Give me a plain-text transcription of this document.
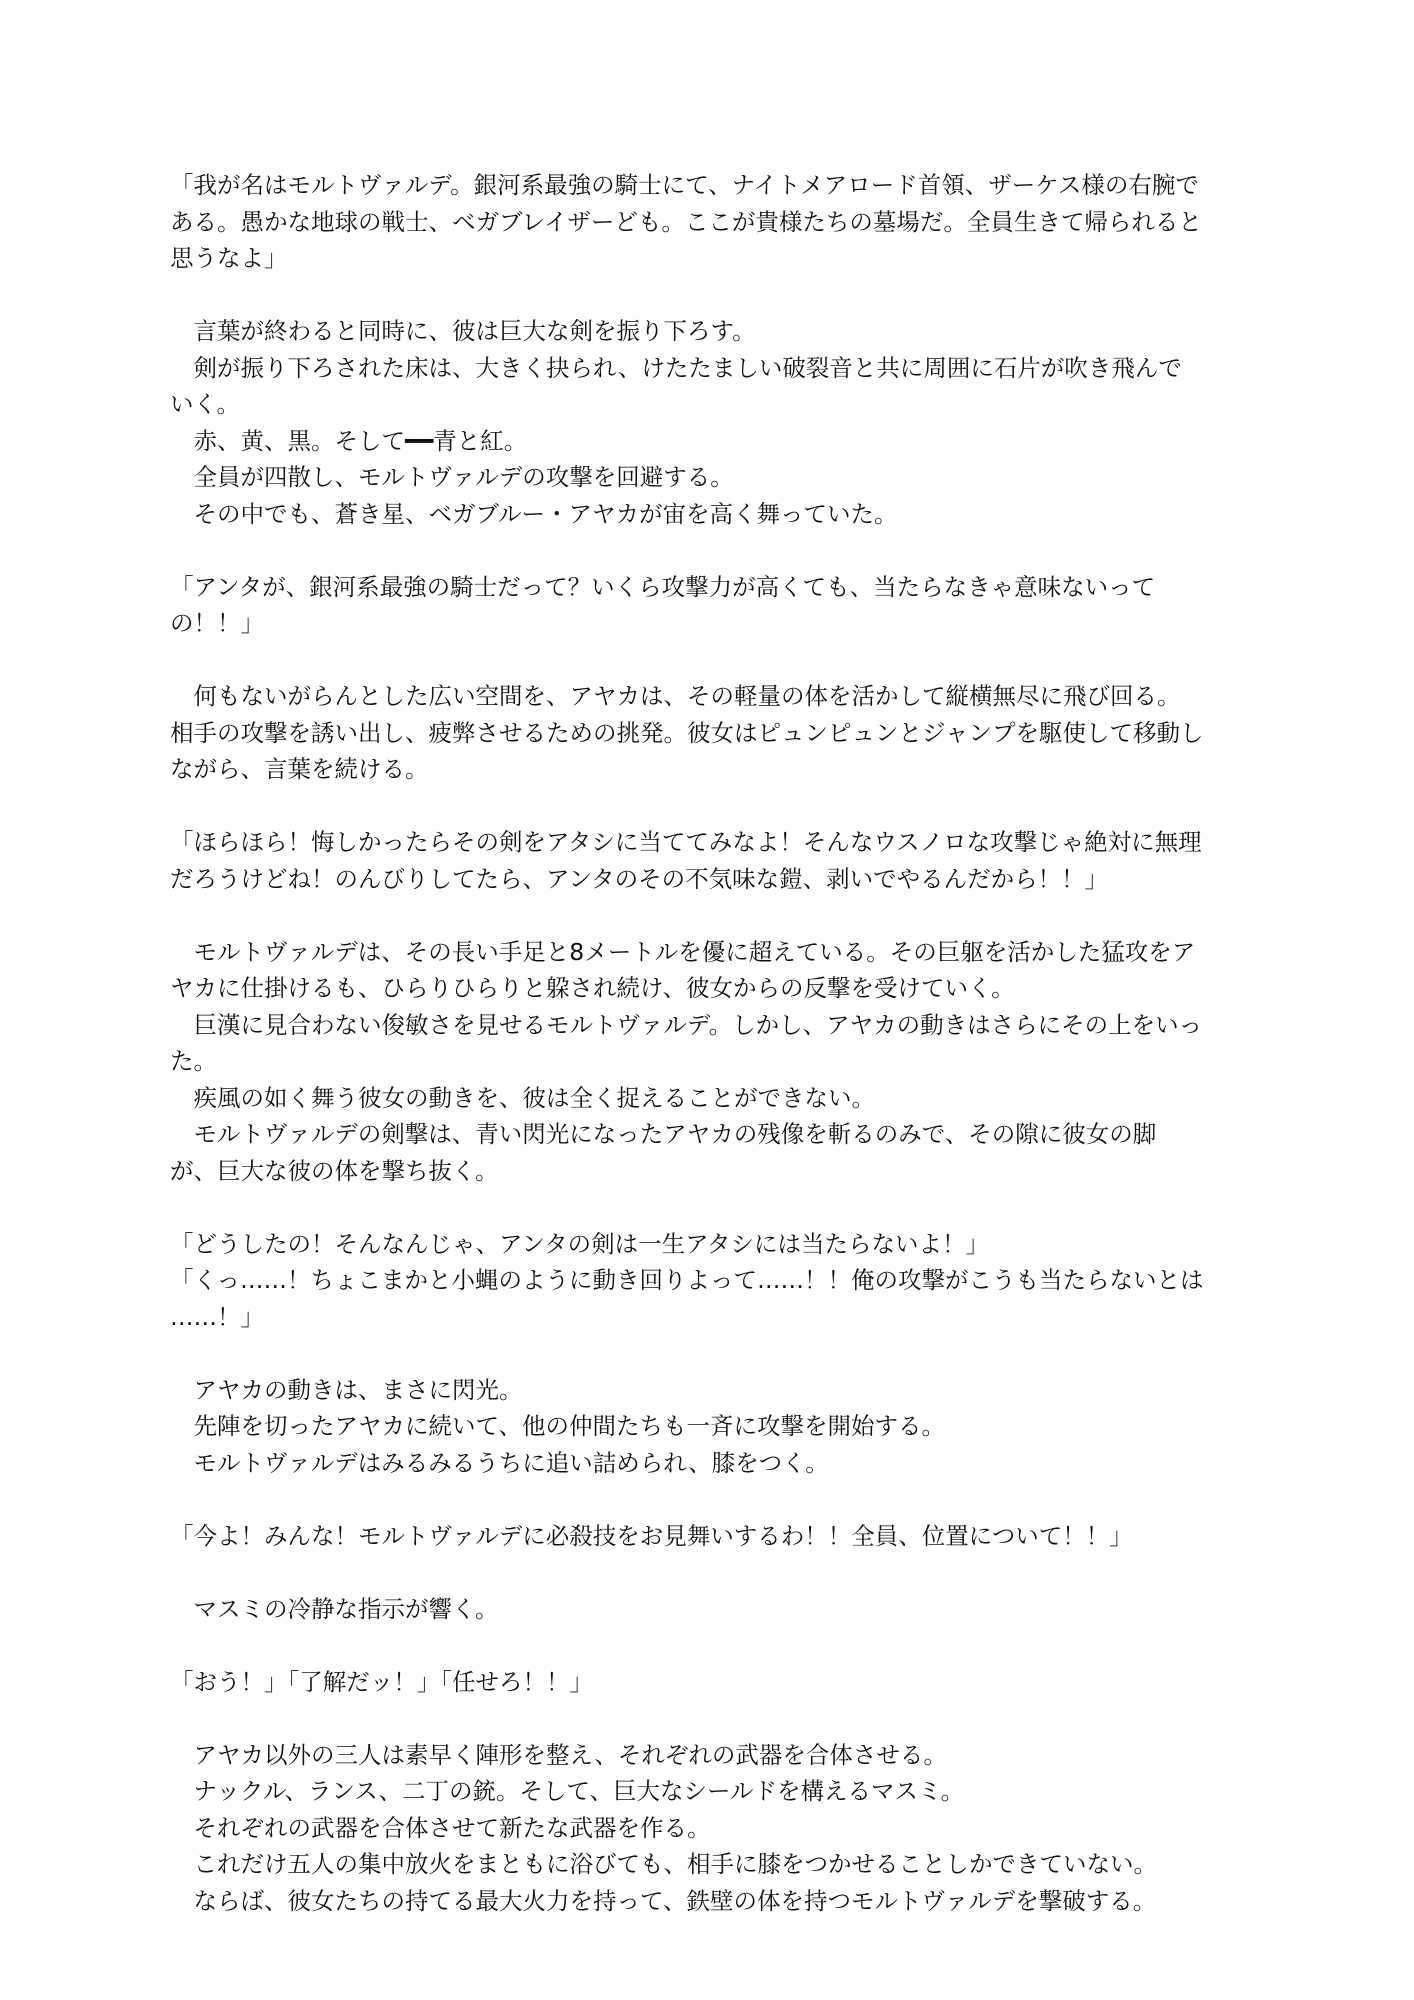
「我が名はモルトヴァルデ。銀河系最強の騎士にて、ナイトメアロード首領、ザーケス様の右腕で
ある。愚かな地球の戦士、ベガブレイザーども。ここが貴様たちの墓場だ。全員生きて帰られると
思うなよ」
　言葉が終わると同時に、彼は巨大な剣を振り下ろす。
　剣が振り下ろされた床は、大きく抉られ、けたたましい破裂音と共に周囲に石片が吹き飛んで
いく。
　赤、黄、黒。そして━━青と紅。
　全員が四散し、モルトヴァルデの攻撃を回避する。
　その中でも、蒼き星、ベガブルー・アヤカが宙を高く舞っていた。
「アンタが、銀河系最強の騎士だって？いくら攻撃力が高くても、当たらなきゃ意味ないって
の！！」
　何もないがらんとした広い空間を、アヤカは、その軽量の体を活かして縦横無尽に飛び回る。
相手の攻撃を誘い出し、疲弊させるための挑発。彼女はピュンピュンとジャンプを駆使して移動し
ながら、言葉を続ける。
「ほらほら！悔しかったらその剣をアタシに当ててみなよ！そんなウスノロな攻撃じゃ絶対に無理
だろうけどね！のんびりしてたら、アンタのその不気味な鎧、剥いでやるんだから！！」
　モルトヴァルデは、その長い手足と8メートルを優に超えている。その巨躯を活かした猛攻をア
ヤカに仕掛けるも、ひらりひらりと躱され続け、彼女からの反撃を受けていく。
　巨漢に見合わない俊敏さを見せるモルトヴァルデ。しかし、アヤカの動きはさらにその上をいっ
た。
　疾風の如く舞う彼女の動きを、彼は全く捉えることができない。
　モルトヴァルデの剣撃は、青い閃光になったアヤカの残像を斬るのみで、その隙に彼女の脚
が、巨大な彼の体を撃ち抜く。
「どうしたの！そんなんじゃ、アンタの剣は一生アタシには当たらないよ！」
「くっ……！ちょこまかと小蝿のように動き回りよって……！！俺の攻撃がこうも当たらないとは
……！」
　アヤカの動きは、まさに閃光。
　先陣を切ったアヤカに続いて、他の仲間たちも一斉に攻撃を開始する。
　モルトヴァルデはみるみるうちに追い詰められ、膝をつく。
「今よ！みんな！モルトヴァルデに必殺技をお見舞いするわ！！全員、位置について！！」
　マスミの冷静な指示が響く。
「おう！」「了解だッ！」「任せろ！！」
　アヤカ以外の三人は素早く陣形を整え、それぞれの武器を合体させる。
　ナックル、ランス、二丁の銃。そして、巨大なシールドを構えるマスミ。
　それぞれの武器を合体させて新たな武器を作る。
　これだけ五人の集中放火をまともに浴びても、相手に膝をつかせることしかできていない。
　ならば、彼女たちの持てる最大火力を持って、鉄壁の体を持つモルトヴァルデを撃破する。
